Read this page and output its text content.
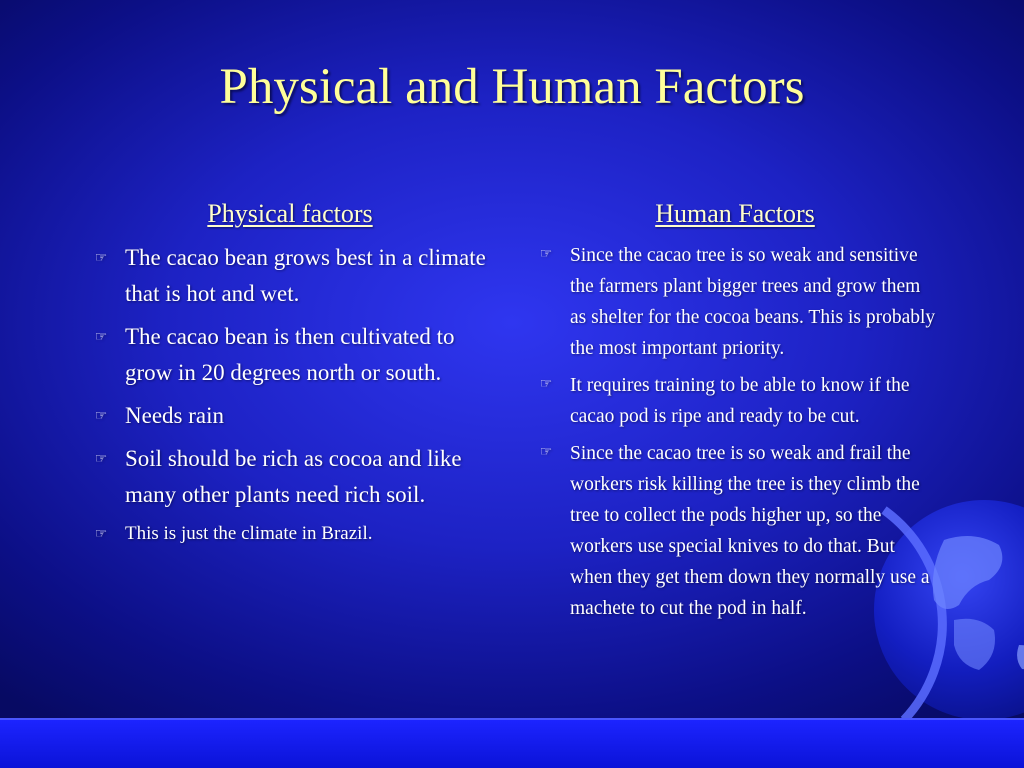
Physical and Human Factors
Physical factors
☞ The cacao bean grows best in a climate that is hot and wet.
☞ The cacao bean is then cultivated to grow in 20 degrees north or south.
☞ Needs rain
☞ Soil should be rich as cocoa and like many other plants need rich soil.
☞ This is just the climate in Brazil.
Human Factors
☞ Since the cacao tree is so weak and sensitive the farmers plant bigger trees and grow them as shelter for the cocoa beans. This is probably the most important priority.
☞ It requires training to be able to know if the cacao pod is ripe and ready to be cut.
☞ Since the cacao tree is so weak and frail the workers risk killing the tree is they climb the tree to collect the pods higher up, so the workers use special knives to do that. But when they get them down they normally use a machete to cut the pod in half.
